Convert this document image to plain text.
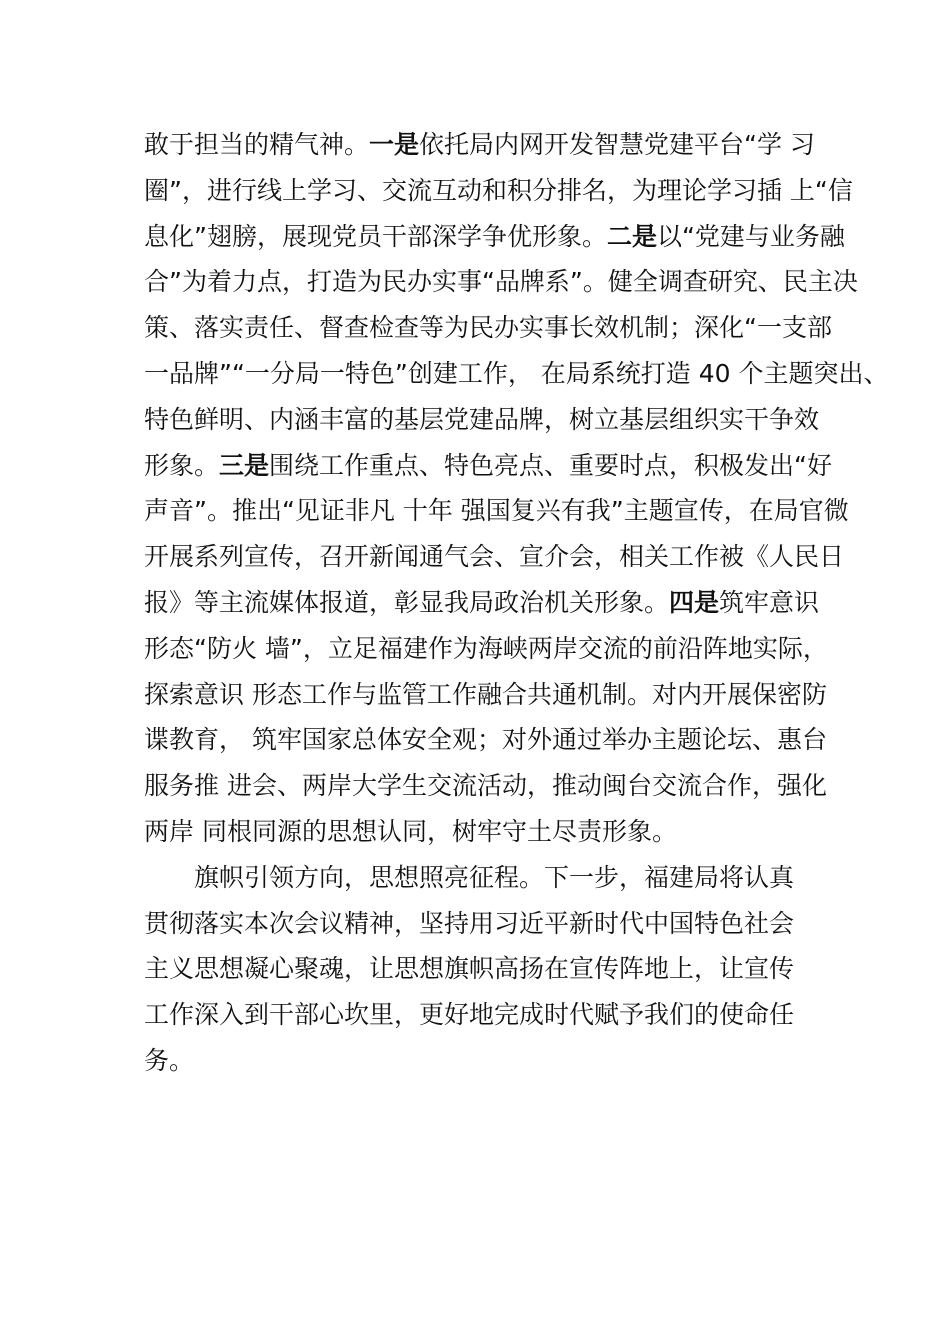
敢于担当的精气神。一是依托局内网开发智慧党建平台“学 习
圈”，进行线上学习、交流互动和积分排名，为理论学习插 上“信
息化”翅膀，展现党员干部深学争优形象。二是以“党建与业务融
合”为着力点，打造为民办实事“品牌系”。健全调查研究、民主决
策、落实责任、督查检查等为民办实事长效机制；深化“一支部
一品牌”“一分局一特色”创建工作， 在局系统打造 40 个主题突出、
特色鲜明、内涵丰富的基层党建品牌，树立基层组织实干争效
形象。三是围绕工作重点、特色亮点、重要时点，积极发出“好
声音”。推出“见证非凡 十年 强国复兴有我”主题宣传，在局官微
开展系列宣传，召开新闻通气会、宣介会，相关工作被《人民日
报》等主流媒体报道，彰显我局政治机关形象。四是筑牢意识
形态“防火 墙”，立足福建作为海峡两岸交流的前沿阵地实际，
探索意识 形态工作与监管工作融合共通机制。对内开展保密防
谍教育， 筑牢国家总体安全观；对外通过举办主题论坛、惠台
服务推 进会、两岸大学生交流活动，推动闽台交流合作，强化
两岸 同根同源的思想认同，树牢守土尽责形象。
旗帜引领方向，思想照亮征程。下一步，福建局将认真
贯彻落实本次会议精神，坚持用习近平新时代中国特色社会
主义思想凝心聚魂，让思想旗帜高扬在宣传阵地上，让宣传
工作深入到干部心坎里，更好地完成时代赋予我们的使命任
务。
